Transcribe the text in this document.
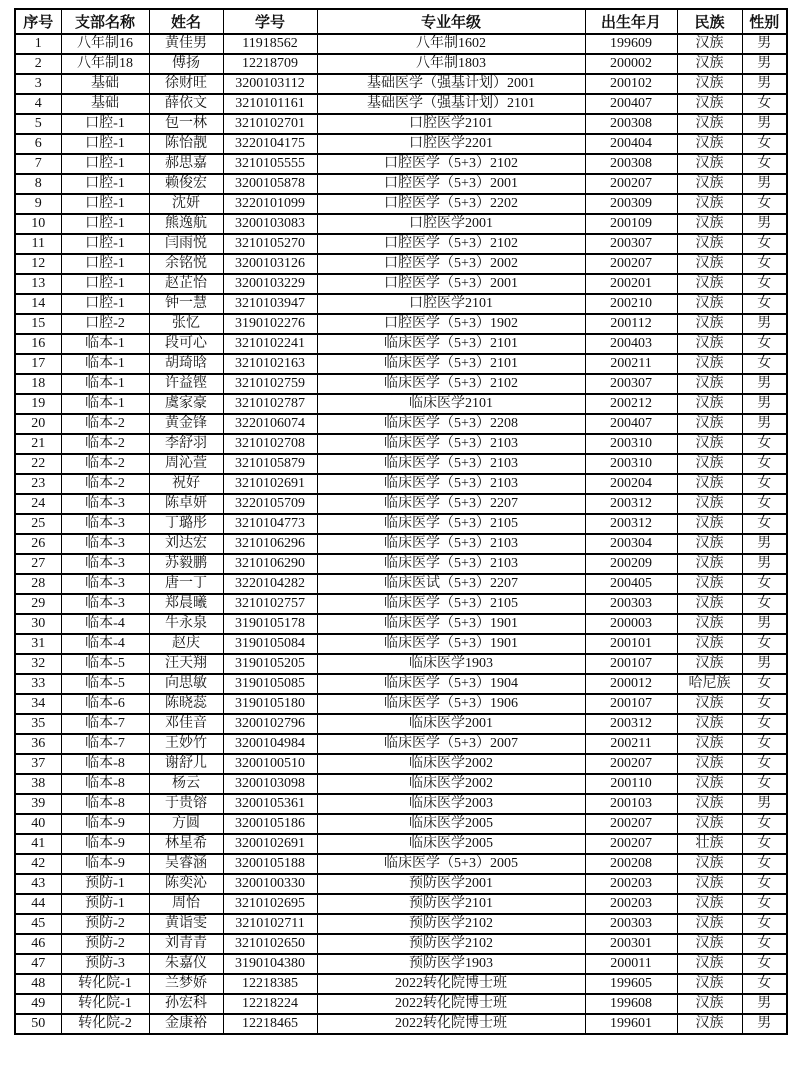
序号	支部名称	姓名	学号	专业年级	出生年月	民族	性别
1	八年制16	黄佳男	11918562	八年制1602	199609	汉族	男
2	八年制18	傅扬	12218709	八年制1803	200002	汉族	男
3	基础	徐财旺	3200103112	基础医学（强基计划）2001	200102	汉族	男
4	基础	薛依文	3210101161	基础医学（强基计划）2101	200407	汉族	女
5	口腔-1	包一林	3210102701	口腔医学2101	200308	汉族	男
6	口腔-1	陈怡靓	3220104175	口腔医学2201	200404	汉族	女
7	口腔-1	郝思嘉	3210105555	口腔医学（5+3）2102	200308	汉族	女
8	口腔-1	赖俊宏	3200105878	口腔医学（5+3）2001	200207	汉族	男
9	口腔-1	沈妍	3220101099	口腔医学（5+3）2202	200309	汉族	女
10	口腔-1	熊逸航	3200103083	口腔医学2001	200109	汉族	男
11	口腔-1	闫雨悦	3210105270	口腔医学（5+3）2102	200307	汉族	女
12	口腔-1	余铭悦	3200103126	口腔医学（5+3）2002	200207	汉族	女
13	口腔-1	赵芷怡	3200103229	口腔医学（5+3）2001	200201	汉族	女
14	口腔-1	钟一慧	3210103947	口腔医学2101	200210	汉族	女
15	口腔-2	张忆	3190102276	口腔医学（5+3）1902	200112	汉族	男
16	临本-1	段可心	3210102241	临床医学（5+3）2101	200403	汉族	女
17	临本-1	胡琦晗	3210102163	临床医学（5+3）2101	200211	汉族	女
18	临本-1	许益铿	3210102759	临床医学（5+3）2102	200307	汉族	男
19	临本-1	虞家豪	3210102787	临床医学2101	200212	汉族	男
20	临本-2	黄金锋	3220106074	临床医学（5+3）2208	200407	汉族	男
21	临本-2	李舒羽	3210102708	临床医学（5+3）2103	200310	汉族	女
22	临本-2	周沁萱	3210105879	临床医学（5+3）2103	200310	汉族	女
23	临本-2	祝好	3210102691	临床医学（5+3）2103	200204	汉族	女
24	临本-3	陈卓妍	3220105709	临床医学（5+3）2207	200312	汉族	女
25	临本-3	丁璐彤	3210104773	临床医学（5+3）2105	200312	汉族	女
26	临本-3	刘达宏	3210106296	临床医学（5+3）2103	200304	汉族	男
27	临本-3	苏毅鹏	3210106290	临床医学（5+3）2103	200209	汉族	男
28	临本-3	唐一丁	3220104282	临床医试（5+3）2207	200405	汉族	女
29	临本-3	郑晨曦	3210102757	临床医学（5+3）2105	200303	汉族	女
30	临本-4	牛永泉	3190105178	临床医学（5+3）1901	200003	汉族	男
31	临本-4	赵庆	3190105084	临床医学（5+3）1901	200101	汉族	女
32	临本-5	汪天翔	3190105205	临床医学1903	200107	汉族	男
33	临本-5	向思敏	3190105085	临床医学（5+3）1904	200012	哈尼族	女
34	临本-6	陈晓蕊	3190105180	临床医学（5+3）1906	200107	汉族	女
35	临本-7	邓佳音	3200102796	临床医学2001	200312	汉族	女
36	临本-7	王妙竹	3200104984	临床医学（5+3）2007	200211	汉族	女
37	临本-8	谢舒儿	3200100510	临床医学2002	200207	汉族	女
38	临本-8	杨云	3200103098	临床医学2002	200110	汉族	女
39	临本-8	于贵镕	3200105361	临床医学2003	200103	汉族	男
40	临本-9	方圆	3200105186	临床医学2005	200207	汉族	女
41	临本-9	林星希	3200102691	临床医学2005	200207	壮族	女
42	临本-9	吴睿涵	3200105188	临床医学（5+3）2005	200208	汉族	女
43	预防-1	陈奕沁	3200100330	预防医学2001	200203	汉族	女
44	预防-1	周怡	3210102695	预防医学2101	200203	汉族	女
45	预防-2	黄诣雯	3210102711	预防医学2102	200303	汉族	女
46	预防-2	刘青青	3210102650	预防医学2102	200301	汉族	女
47	预防-3	朱嘉仪	3190104380	预防医学1903	200011	汉族	女
48	转化院-1	兰梦娇	12218385	2022转化院博士班	199605	汉族	女
49	转化院-1	孙宏科	12218224	2022转化院博士班	199608	汉族	男
50	转化院-2	金康裕	12218465	2022转化院博士班	199601	汉族	男
